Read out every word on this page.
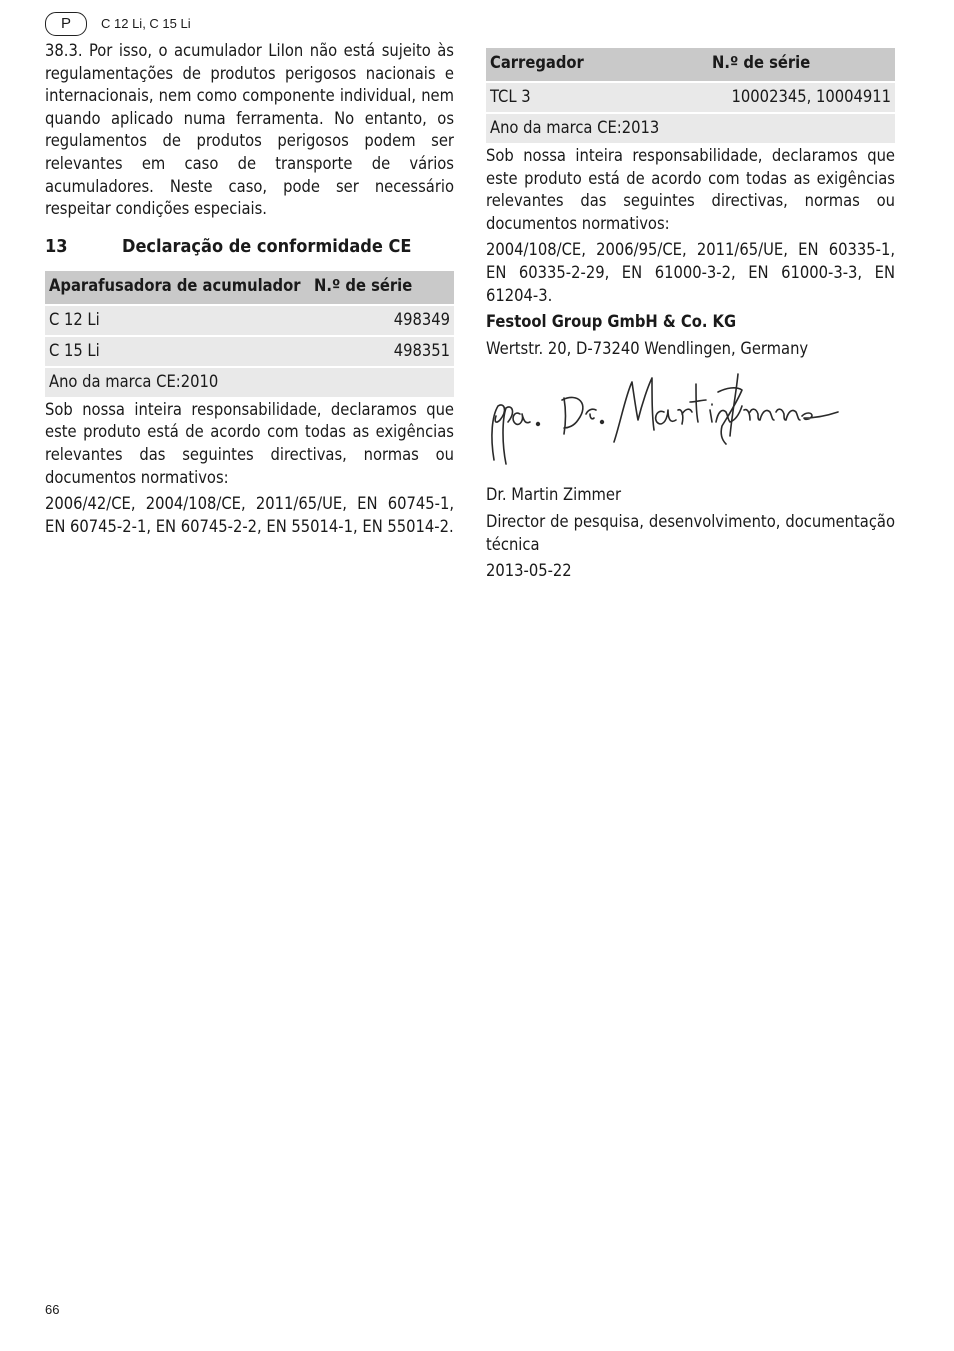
P	C 12 Li, C 15 Li

38.3. Por isso, o acumulador LiIon não está sujeito às regulamentações de produtos perigosos nacionais e internacionais, nem como componente individual, nem quando aplicado numa ferramenta. No entanto, os regulamentos de produtos perigosos podem ser relevantes em caso de transporte de vários acumuladores. Neste caso, pode ser necessário respeitar condições especiais.

13	Declaração de conformidade CE
Aparafusadora de acumulador	N.º de série
C 12 Li	498349
C 15 Li	498351
Ano da marca CE:2010	

Sob nossa inteira responsabilidade, declaramos que este produto está de acordo com todas as exigências relevantes das seguintes directivas, normas ou documentos normativos:

2006/42/CE, 2004/108/CE, 2011/65/UE, EN 60745-1, EN 60745-2-1, EN 60745-2-2, EN 55014-1, EN 55014-2.

Carregador	N.º de série
TCL 3	10002345, 10004911
Ano da marca CE:2013	

Sob nossa inteira responsabilidade, declaramos que este produto está de acordo com todas as exigências relevantes das seguintes directivas, normas ou documentos normativos:

2004/108/CE, 2006/95/CE, 2011/65/UE, EN 60335-1, EN 60335-2-29, EN 61000-3-2, EN 61000-3-3, EN 61204-3.

Festool Group GmbH & Co. KG

Wertstr. 20, D-73240 Wendlingen, Germany

Dr. Martin Zimmer

Director de pesquisa, desenvolvimento, documentação técnica

2013-05-22

66
